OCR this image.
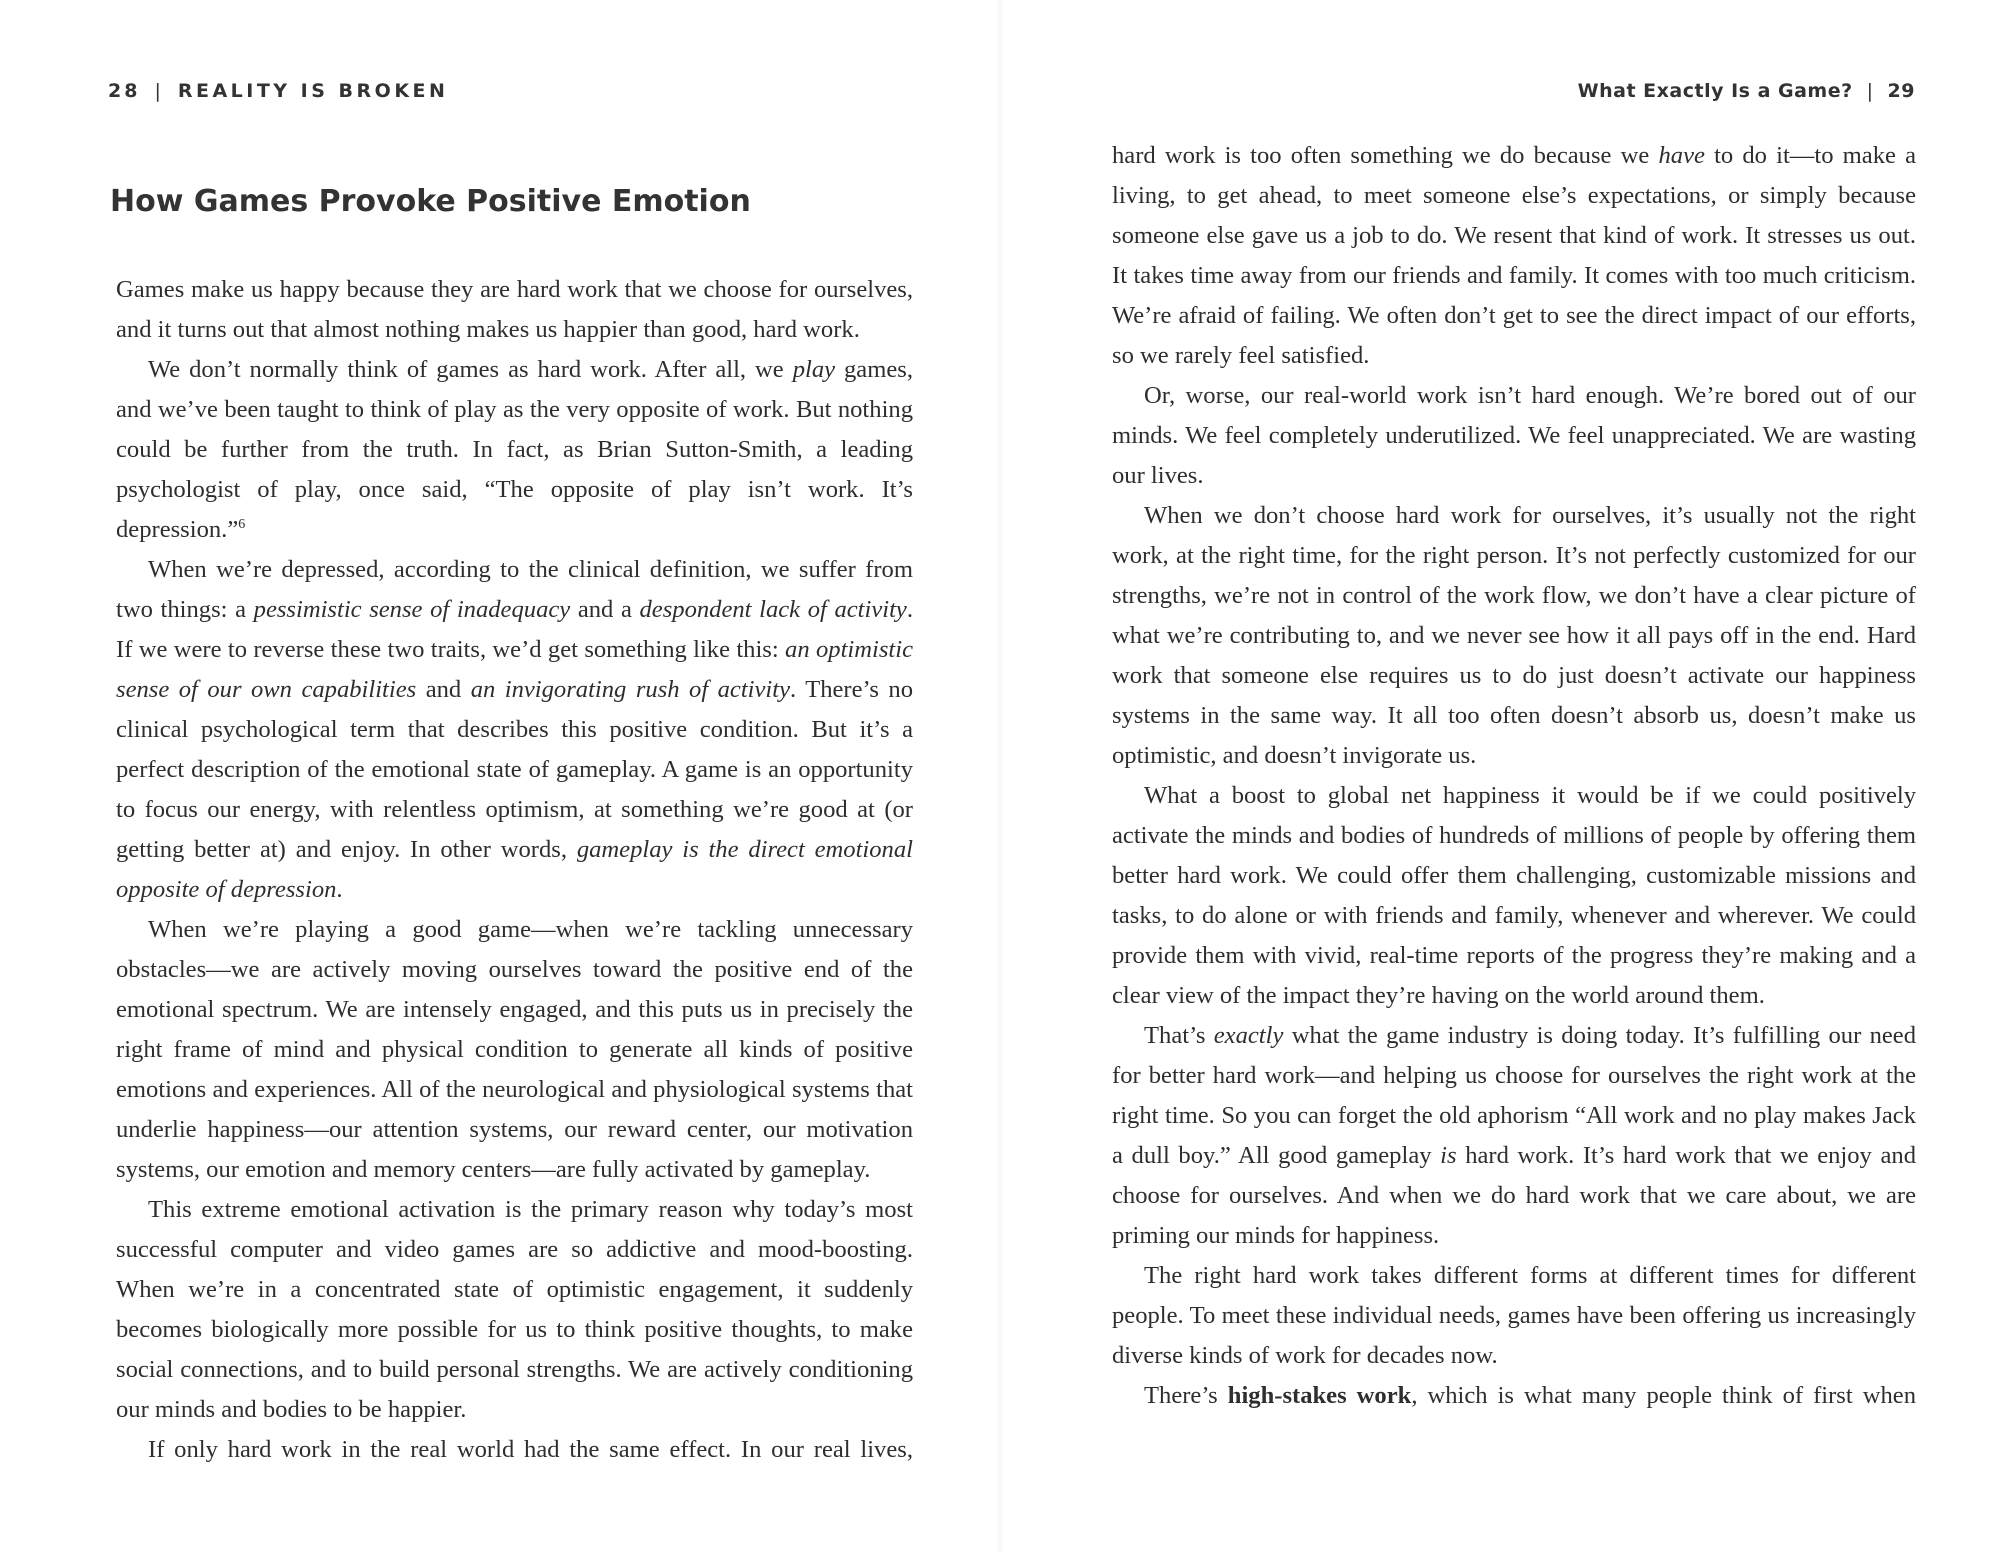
28 | REALITY IS BROKEN
How Games Provoke Positive Emotion

Games make us happy because they are hard work that we choose for ourselves, and it turns out that almost nothing makes us happier than good, hard work.

We don’t normally think of games as hard work. After all, we play games, and we’ve been taught to think of play as the very opposite of work. But nothing could be further from the truth. In fact, as Brian Sutton-Smith, a leading psychologist of play, once said, “The opposite of play isn’t work. It’s depression.”$^6$

When we’re depressed, according to the clinical definition, we suffer from two things: a pessimistic sense of inadequacy and a despondent lack of activity. If we were to reverse these two traits, we’d get something like this: an optimistic sense of our own capabilities and an invigorating rush of activity. There’s no clinical psychological term that describes this positive condition. But it’s a perfect description of the emotional state of gameplay. A game is an opportunity to focus our energy, with relentless optimism, at something we’re good at (or getting better at) and enjoy. In other words, gameplay is the direct emotional opposite of depression.

When we’re playing a good game—when we’re tackling unnecessary obstacles—we are actively moving ourselves toward the positive end of the emotional spectrum. We are intensely engaged, and this puts us in precisely the right frame of mind and physical condition to generate all kinds of positive emotions and experiences. All of the neurological and physiological systems that underlie happiness—our attention systems, our reward center, our motivation systems, our emotion and memory centers—are fully activated by gameplay.

This extreme emotional activation is the primary reason why today’s most successful computer and video games are so addictive and mood-boosting. When we’re in a concentrated state of optimistic engagement, it suddenly becomes biologically more possible for us to think positive thoughts, to make social connections, and to build personal strengths. We are actively conditioning our minds and bodies to be happier.

If only hard work in the real world had the same effect. In our real lives,

What Exactly Is a Game? | 29

hard work is too often something we do because we have to do it—to make a living, to get ahead, to meet someone else’s expectations, or simply because someone else gave us a job to do. We resent that kind of work. It stresses us out. It takes time away from our friends and family. It comes with too much criticism. We’re afraid of failing. We often don’t get to see the direct impact of our efforts, so we rarely feel satisfied.

Or, worse, our real-world work isn’t hard enough. We’re bored out of our minds. We feel completely underutilized. We feel unappreciated. We are wasting our lives.

When we don’t choose hard work for ourselves, it’s usually not the right work, at the right time, for the right person. It’s not perfectly customized for our strengths, we’re not in control of the work flow, we don’t have a clear picture of what we’re contributing to, and we never see how it all pays off in the end. Hard work that someone else requires us to do just doesn’t activate our happiness systems in the same way. It all too often doesn’t absorb us, doesn’t make us optimistic, and doesn’t invigorate us.

What a boost to global net happiness it would be if we could positively activate the minds and bodies of hundreds of millions of people by offering them better hard work. We could offer them challenging, customizable missions and tasks, to do alone or with friends and family, whenever and wherever. We could provide them with vivid, real-time reports of the progress they’re making and a clear view of the impact they’re having on the world around them.

That’s exactly what the game industry is doing today. It’s fulfilling our need for better hard work—and helping us choose for ourselves the right work at the right time. So you can forget the old aphorism “All work and no play makes Jack a dull boy.” All good gameplay is hard work. It’s hard work that we enjoy and choose for ourselves. And when we do hard work that we care about, we are priming our minds for happiness.

The right hard work takes different forms at different times for different people. To meet these individual needs, games have been offering us increasingly diverse kinds of work for decades now.

There’s high-stakes work, which is what many people think of first when
